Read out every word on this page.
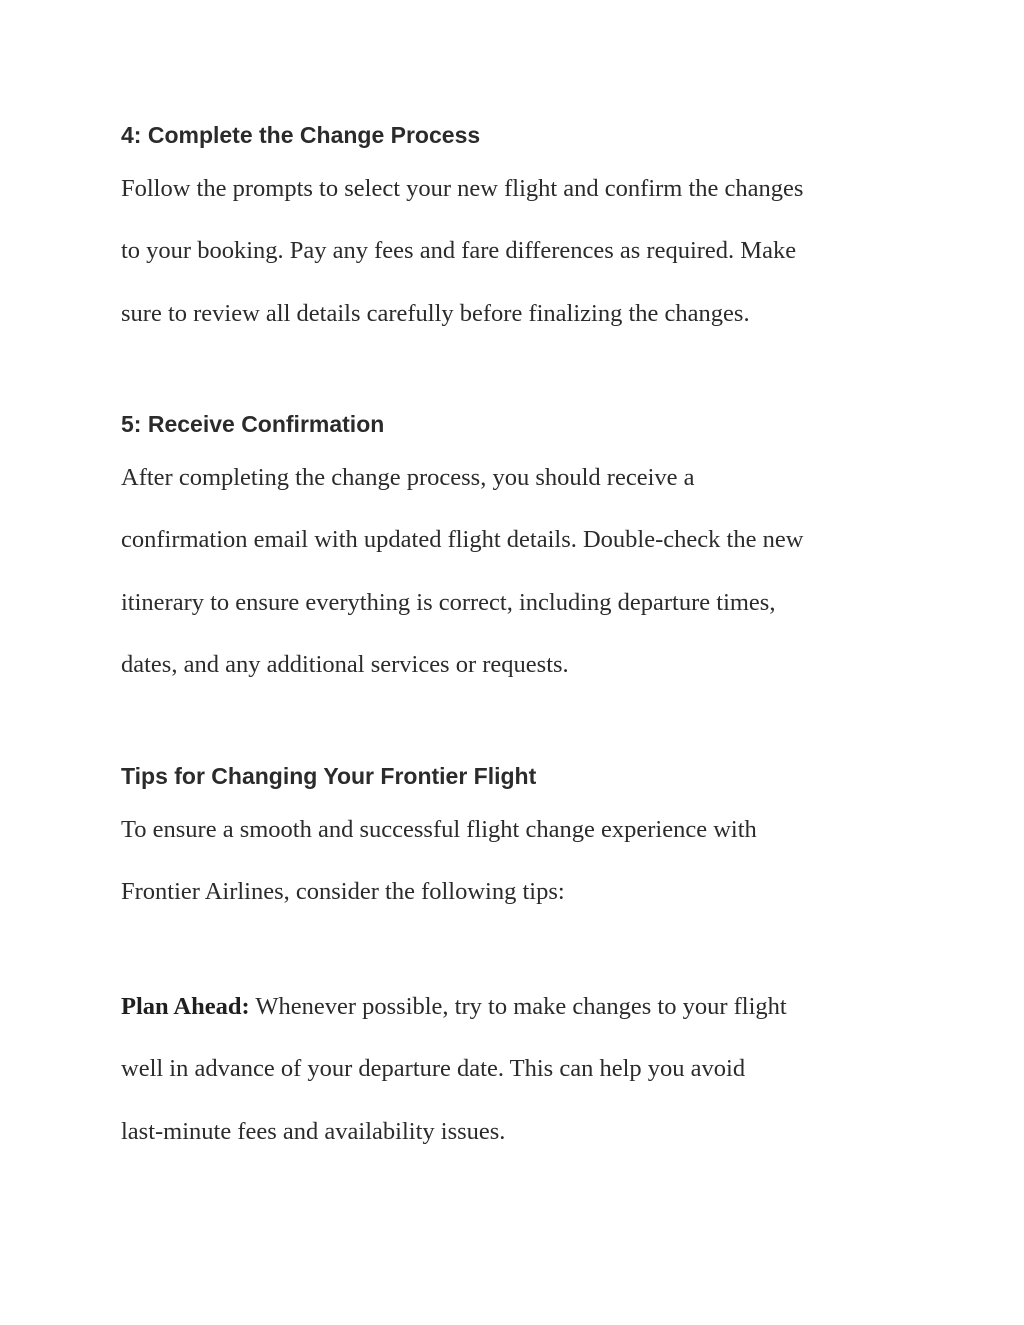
4: Complete the Change Process

Follow the prompts to select your new flight and confirm the changes
to your booking. Pay any fees and fare differences as required. Make
sure to review all details carefully before finalizing the changes.

5: Receive Confirmation

After completing the change process, you should receive a
confirmation email with updated flight details. Double-check the new
itinerary to ensure everything is correct, including departure times,
dates, and any additional services or requests.

Tips for Changing Your Frontier Flight

To ensure a smooth and successful flight change experience with
Frontier Airlines, consider the following tips:

Plan Ahead: Whenever possible, try to make changes to your flight
well in advance of your departure date. This can help you avoid
last-minute fees and availability issues.
